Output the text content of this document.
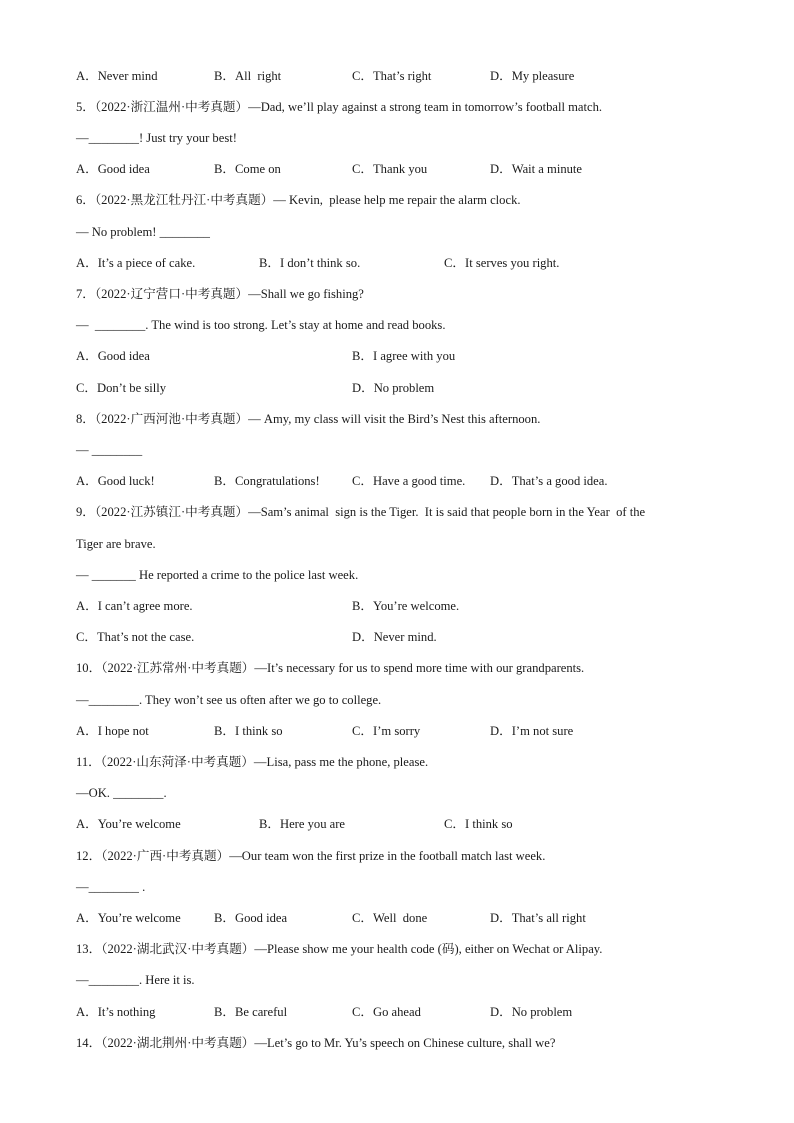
A．Never mind	B．All  right	C．That’s right	D．My pleasure
5．（2022·浙江温州·中考真题）—Dad, we’ll play against a strong team in tomorrow’s football match.
—________! Just try your best!
A．Good idea	B．Come on	C．Thank you	D．Wait a minute
6．（2022·黑龙江牡丹江·中考真题）— Kevin,  please help me repair the alarm clock.
— No problem! ________
A．It’s a piece of cake.	B．I don’t think so.	C．It serves you right.
7．（2022·辽宁营口·中考真题）—Shall we go fishing?
—  ________. The wind is too strong. Let’s stay at home and read books.
A．Good idea	B．I agree with you
C．Don’t be silly	D．No problem
8．（2022·广西河池·中考真题）— Amy, my class will visit the Bird’s Nest this afternoon.
— ________
A．Good luck!	B．Congratulations!	C．Have a good time. D．That’s a good idea.
9．（2022·江苏镇江·中考真题）—Sam’s animal  sign is the Tiger.  It is said that people born in the Year  of the
Tiger are brave.
— _______ He reported a crime to the police last week.
A．I can’t agree more.	B．You’re welcome.
C．That’s not the case.	D．Never mind.
10．（2022·江苏常州·中考真题）—It’s necessary for us to spend more time with our grandparents.
—________. They won’t see us often after we go to college.
A．I hope not	B．I think so	C．I’m sorry	D．I’m not sure
11．（2022·山东菏泽·中考真题）—Lisa, pass me the phone, please.
—OK. ________.
A．You’re welcome	B．Here you are	C．I think so
12．（2022·广西·中考真题）—Our team won the first prize in the football match last week.
—________ .
A．You’re welcome	B．Good idea	C．Well  done	D．That’s all right
13．（2022·湖北武汉·中考真题）—Please show me your health code (码), either on Wechat or Alipay.
—________. Here it is.
A．It’s nothing	B．Be careful	C．Go ahead	D．No problem
14．（2022·湖北荆州·中考真题）—Let’s go to Mr. Yu’s speech on Chinese culture, shall we?
